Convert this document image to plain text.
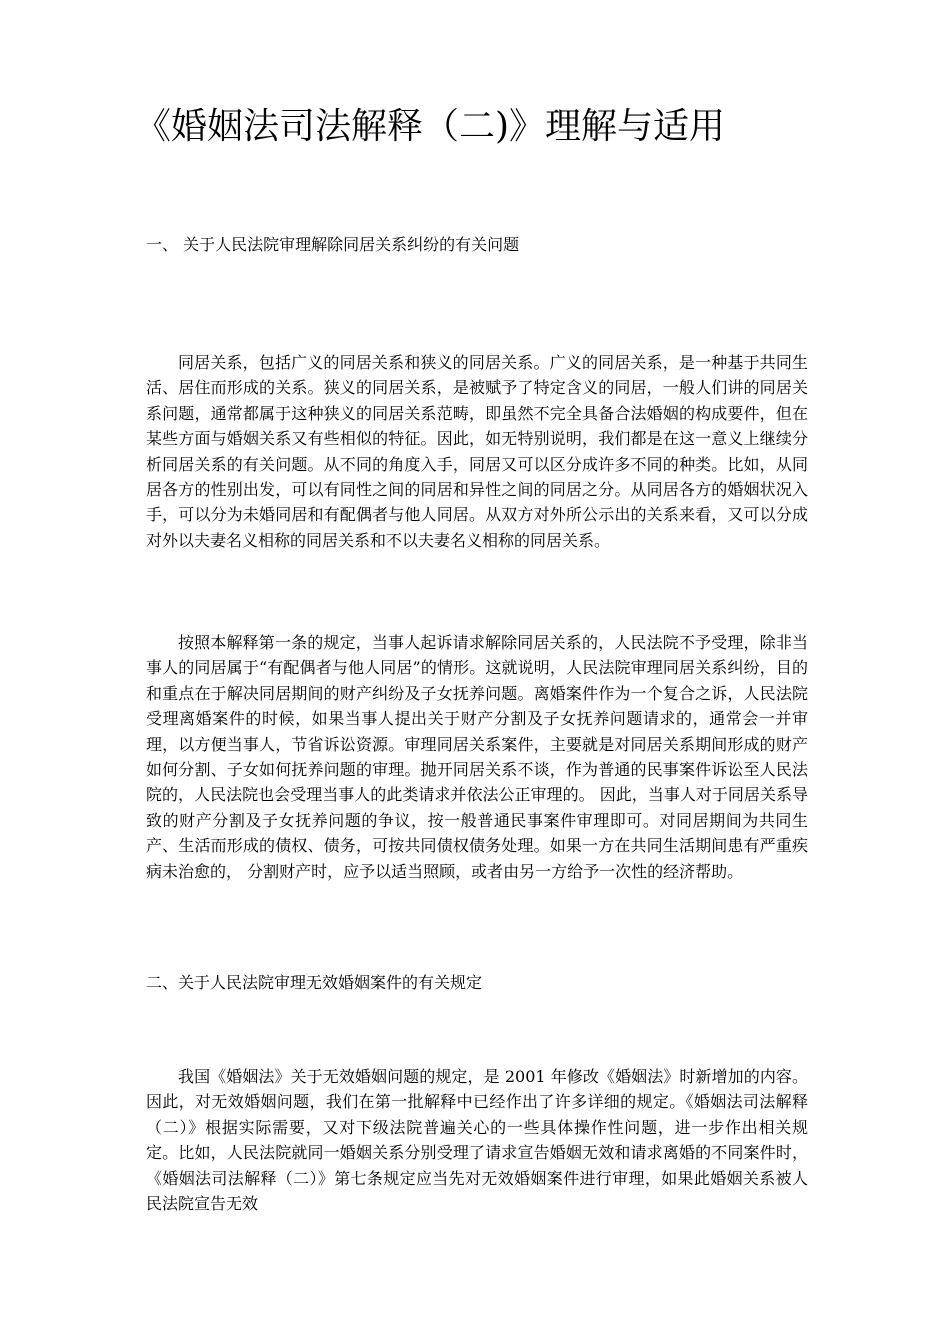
《婚姻法司法解释（二)》理解与适用
一、 关于人民法院审理解除同居关系纠纷的有关问题

同居关系，包括广义的同居关系和狭义的同居关系。广义的同居关系，是一种基于共同生活、居住而形成的关系。狭义的同居关系，是被赋予了特定含义的同居，一般人们讲的同居关系问题，通常都属于这种狭义的同居关系范畴，即虽然不完全具备合法婚姻的构成要件，但在某些方面与婚姻关系又有些相似的特征。因此，如无特别说明，我们都是在这一意义上继续分析同居关系的有关问题。从不同的角度入手，同居又可以区分成许多不同的种类。比如，从同居各方的性别出发，可以有同性之间的同居和异性之间的同居之分。从同居各方的婚姻状况入手，可以分为未婚同居和有配偶者与他人同居。从双方对外所公示出的关系来看，又可以分成对外以夫妻名义相称的同居关系和不以夫妻名义相称的同居关系。

按照本解释第一条的规定，当事人起诉请求解除同居关系的，人民法院不予受理，除非当事人的同居属于“有配偶者与他人同居”的情形。这就说明，人民法院审理同居关系纠纷，目的和重点在于解决同居期间的财产纠纷及子女抚养问题。离婚案件作为一个复合之诉，人民法院受理离婚案件的时候，如果当事人提出关于财产分割及子女抚养问题请求的，通常会一并审理，以方便当事人，节省诉讼资源。审理同居关系案件，主要就是对同居关系期间形成的财产如何分割、子女如何抚养问题的审理。抛开同居关系不谈，作为普通的民事案件诉讼至人民法院的，人民法院也会受理当事人的此类请求并依法公正审理的。 因此，当事人对于同居关系导致的财产分割及子女抚养问题的争议，按一般普通民事案件审理即可。对同居期间为共同生产、生活而形成的债权、债务，可按共同债权债务处理。如果一方在共同生活期间患有严重疾病未治愈的， 分割财产时，应予以适当照顾，或者由另一方给予一次性的经济帮助。

二、关于人民法院审理无效婚姻案件的有关规定

我国《婚姻法》关于无效婚姻问题的规定，是 2001 年修改《婚姻法》时新增加的内容。因此，对无效婚姻问题，我们在第一批解释中已经作出了许多详细的规定。《婚姻法司法解释（二）》根据实际需要，又对下级法院普遍关心的一些具体操作性问题，进一步作出相关规定。比如，人民法院就同一婚姻关系分别受理了请求宣告婚姻无效和请求离婚的不同案件时，《婚姻法司法解释（二）》第七条规定应当先对无效婚姻案件进行审理，如果此婚姻关系被人民法院宣告无效
